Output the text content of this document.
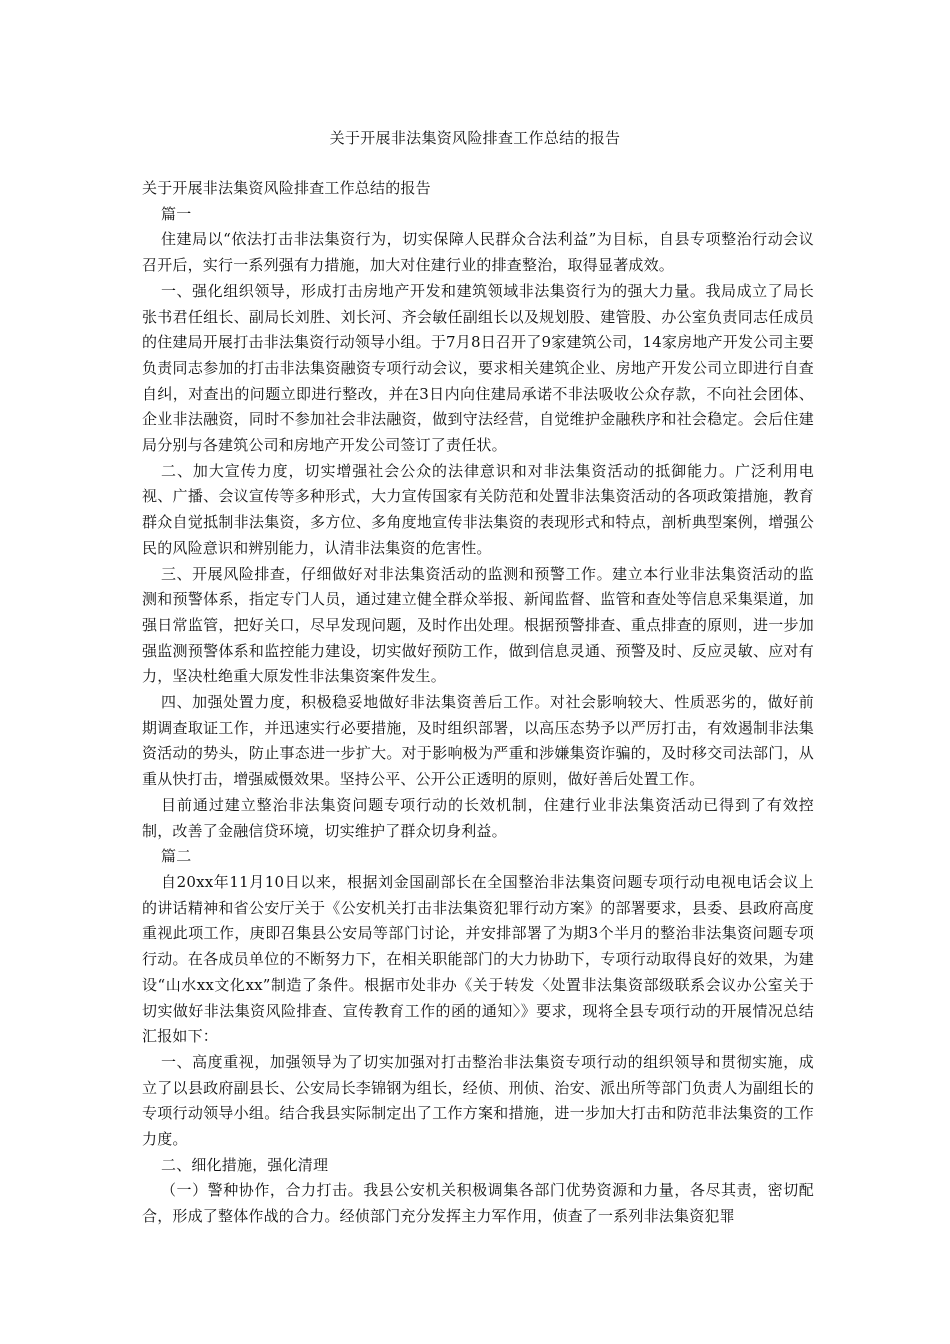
关于开展非法集资风险排查工作总结的报告

关于开展非法集资风险排查工作总结的报告

篇一

住建局以“依法打击非法集资行为，切实保障人民群众合法利益”为目标，自县专项整治行动会议召开后，实行一系列强有力措施，加大对住建行业的排查整治，取得显著成效。

一、强化组织领导，形成打击房地产开发和建筑领域非法集资行为的强大力量。我局成立了局长张书君任组长、副局长刘胜、刘长河、齐会敏任副组长以及规划股、建管股、办公室负责同志任成员的住建局开展打击非法集资行动领导小组。于7月8日召开了9家建筑公司，14家房地产开发公司主要负责同志参加的打击非法集资融资专项行动会议，要求相关建筑企业、房地产开发公司立即进行自查自纠，对查出的问题立即进行整改，并在3日内向住建局承诺不非法吸收公众存款，不向社会团体、企业非法融资，同时不参加社会非法融资，做到守法经营，自觉维护金融秩序和社会稳定。会后住建局分别与各建筑公司和房地产开发公司签订了责任状。

二、加大宣传力度，切实增强社会公众的法律意识和对非法集资活动的抵御能力。广泛利用电视、广播、会议宣传等多种形式，大力宣传国家有关防范和处置非法集资活动的各项政策措施，教育群众自觉抵制非法集资，多方位、多角度地宣传非法集资的表现形式和特点，剖析典型案例，增强公民的风险意识和辨别能力，认清非法集资的危害性。

三、开展风险排查，仔细做好对非法集资活动的监测和预警工作。建立本行业非法集资活动的监测和预警体系，指定专门人员，通过建立健全群众举报、新闻监督、监管和查处等信息采集渠道，加强日常监管，把好关口，尽早发现问题，及时作出处理。根据预警排查、重点排查的原则，进一步加强监测预警体系和监控能力建设，切实做好预防工作，做到信息灵通、预警及时、反应灵敏、应对有力，坚决杜绝重大原发性非法集资案件发生。

四、加强处置力度，积极稳妥地做好非法集资善后工作。对社会影响较大、性质恶劣的，做好前期调查取证工作，并迅速实行必要措施，及时组织部署，以高压态势予以严厉打击，有效遏制非法集资活动的势头，防止事态进一步扩大。对于影响极为严重和涉嫌集资诈骗的，及时移交司法部门，从重从快打击，增强威慑效果。坚持公平、公开公正透明的原则，做好善后处置工作。

目前通过建立整治非法集资问题专项行动的长效机制，住建行业非法集资活动已得到了有效控制，改善了金融信贷环境，切实维护了群众切身利益。

篇二

自20xx年11月10日以来，根据刘金国副部长在全国整治非法集资问题专项行动电视电话会议上的讲话精神和省公安厅关于《公安机关打击非法集资犯罪行动方案》的部署要求，县委、县政府高度重视此项工作，庚即召集县公安局等部门讨论，并安排部署了为期3个半月的整治非法集资问题专项行动。在各成员单位的不断努力下，在相关职能部门的大力协助下，专项行动取得良好的效果，为建设“山水xx文化xx”制造了条件。根据市处非办《关于转发〈处置非法集资部级联系会议办公室关于切实做好非法集资风险排查、宣传教育工作的函的通知〉》要求，现将全县专项行动的开展情况总结汇报如下：

一、高度重视，加强领导为了切实加强对打击整治非法集资专项行动的组织领导和贯彻实施，成立了以县政府副县长、公安局长李锦钢为组长，经侦、刑侦、治安、派出所等部门负责人为副组长的专项行动领导小组。结合我县实际制定出了工作方案和措施，进一步加大打击和防范非法集资的工作力度。

二、细化措施，强化清理

（一）警种协作，合力打击。我县公安机关积极调集各部门优势资源和力量，各尽其责，密切配合，形成了整体作战的合力。经侦部门充分发挥主力军作用，侦查了一系列非法集资犯罪
